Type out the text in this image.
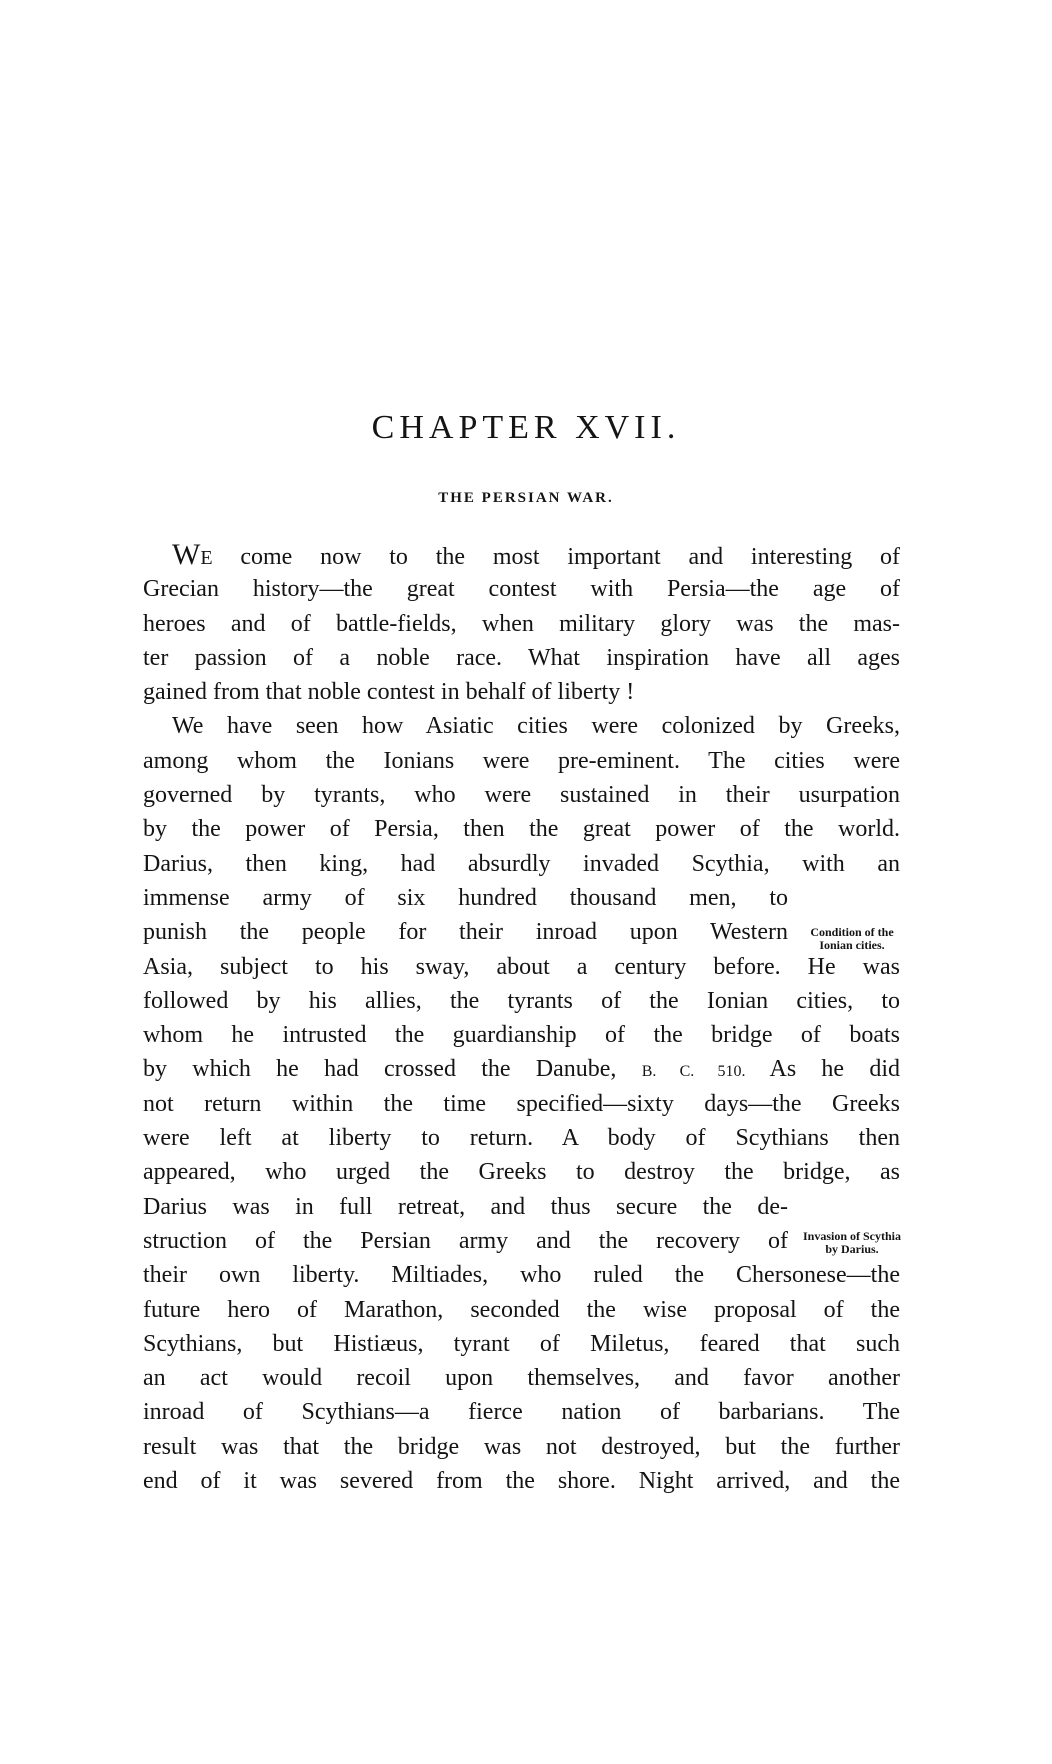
CHAPTER XVII.
THE PERSIAN WAR.
WE come now to the most important and interesting of
Grecian history—the great contest with Persia—the age of
heroes and of battle-fields, when military glory was the mas-
ter passion of a noble race. What inspiration have all ages
gained from that noble contest in behalf of liberty !
We have seen how Asiatic cities were colonized by Greeks,
among whom the Ionians were pre-eminent. The cities were
governed by tyrants, who were sustained in their usurpation
by the power of Persia, then the great power of the world.
Darius, then king, had absurdly invaded Scythia, with an
immense army of six hundred thousand men, to
punish the people for their inroad upon Western
Asia, subject to his sway, about a century before. He was
followed by his allies, the tyrants of the Ionian cities, to
whom he intrusted the guardianship of the bridge of boats
by which he had crossed the Danube, B. C. 510. As he did
not return within the time specified—sixty days—the Greeks
were left at liberty to return. A body of Scythians then
appeared, who urged the Greeks to destroy the bridge, as
Darius was in full retreat, and thus secure the de-
struction of the Persian army and the recovery of
their own liberty. Miltiades, who ruled the Chersonese—the
future hero of Marathon, seconded the wise proposal of the
Scythians, but Histiæus, tyrant of Miletus, feared that such
an act would recoil upon themselves, and favor another
inroad of Scythians—a fierce nation of barbarians. The
result was that the bridge was not destroyed, but the further
end of it was severed from the shore. Night arrived, and the
Condition of the Ionian cities.
Invasion of Scythia by Darius.
